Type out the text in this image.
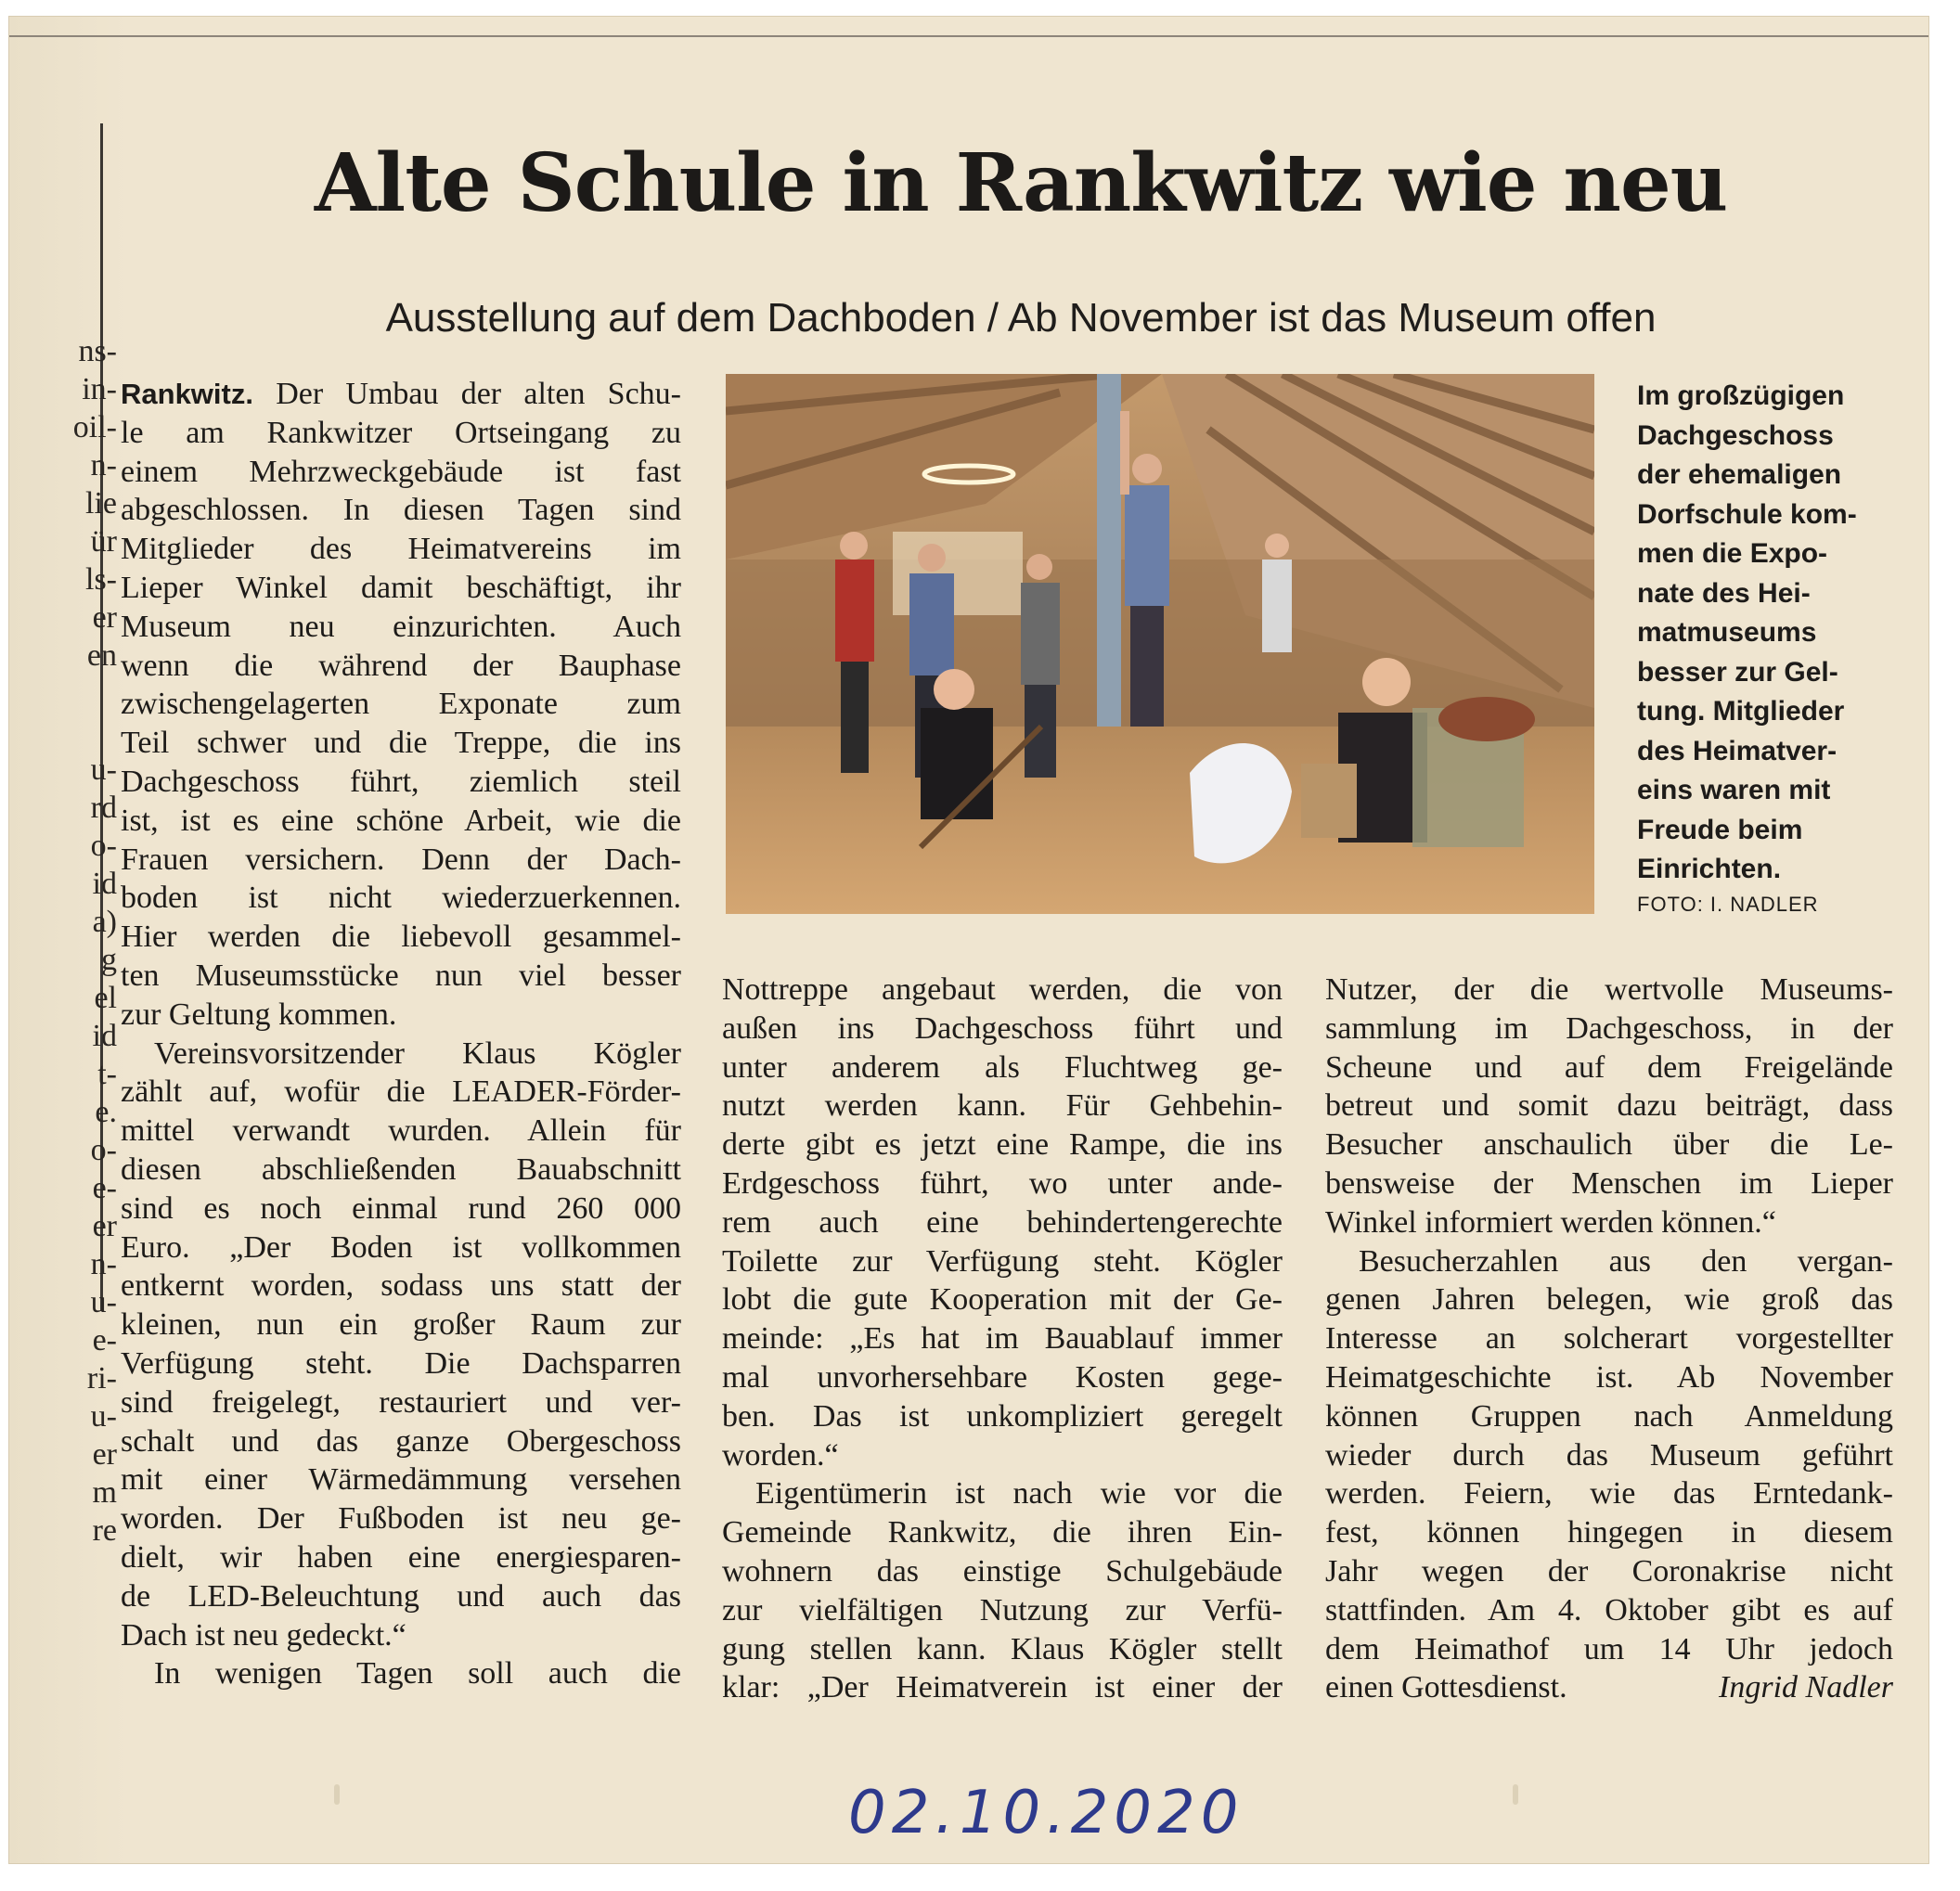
ns-
in-
oil-
n-
lie
ür
ls-
er
en
u-
rd
o-
id
a)
g
el
id
t-
e.
o-
e-
er
n-
u-
e-
ri-
u-
er
m
re
Alte Schule in Rankwitz wie neu
Ausstellung auf dem Dachboden / Ab November ist das Museum offen
Rankwitz. Der Umbau der alten Schu-
le am Rankwitzer Ortseingang zu
einem Mehrzweckgebäude ist fast
abgeschlossen. In diesen Tagen sind
Mitglieder des Heimatvereins im
Lieper Winkel damit beschäftigt, ihr
Museum neu einzurichten. Auch
wenn die während der Bauphase
zwischengelagerten Exponate zum
Teil schwer und die Treppe, die ins
Dachgeschoss führt, ziemlich steil
ist, ist es eine schöne Arbeit, wie die
Frauen versichern. Denn der Dach-
boden ist nicht wiederzuerkennen.
Hier werden die liebevoll gesammel-
ten Museumsstücke nun viel besser
zur Geltung kommen.
Vereinsvorsitzender Klaus Kögler
zählt auf, wofür die LEADER-Förder-
mittel verwandt wurden. Allein für
diesen abschließenden Bauabschnitt
sind es noch einmal rund 260 000
Euro. „Der Boden ist vollkommen
entkernt worden, sodass uns statt der
kleinen, nun ein großer Raum zur
Verfügung steht. Die Dachsparren
sind freigelegt, restauriert und ver-
schalt und das ganze Obergeschoss
mit einer Wärmedämmung versehen
worden. Der Fußboden ist neu ge-
dielt, wir haben eine energiesparen-
de LED-Beleuchtung und auch das
Dach ist neu gedeckt.“
In wenigen Tagen soll auch die
Nottreppe angebaut werden, die von
außen ins Dachgeschoss führt und
unter anderem als Fluchtweg ge-
nutzt werden kann. Für Gehbehin-
derte gibt es jetzt eine Rampe, die ins
Erdgeschoss führt, wo unter ande-
rem auch eine behindertengerechte
Toilette zur Verfügung steht. Kögler
lobt die gute Kooperation mit der Ge-
meinde: „Es hat im Bauablauf immer
mal unvorhersehbare Kosten gege-
ben. Das ist unkompliziert geregelt
worden.“
Eigentümerin ist nach wie vor die
Gemeinde Rankwitz, die ihren Ein-
wohnern das einstige Schulgebäude
zur vielfältigen Nutzung zur Verfü-
gung stellen kann. Klaus Kögler stellt
klar: „Der Heimatverein ist einer der
Nutzer, der die wertvolle Museums-
sammlung im Dachgeschoss, in der
Scheune und auf dem Freigelände
betreut und somit dazu beiträgt, dass
Besucher anschaulich über die Le-
bensweise der Menschen im Lieper
Winkel informiert werden können.“
Besucherzahlen aus den vergan-
genen Jahren belegen, wie groß das
Interesse an solcherart vorgestellter
Heimatgeschichte ist. Ab November
können Gruppen nach Anmeldung
wieder durch das Museum geführt
werden. Feiern, wie das Erntedank-
fest, können hingegen in diesem
Jahr wegen der Coronakrise nicht
stattfinden. Am 4. Oktober gibt es auf
dem Heimathof um 14 Uhr jedoch
einen Gottesdienst.	Ingrid Nadler
Im großzügigen
Dachgeschoss
der ehemaligen
Dorfschule kom-
men die Expo-
nate des Hei-
matmuseums
besser zur Gel-
tung. Mitglieder
des Heimatver-
eins waren mit
Freude beim
Einrichten.
FOTO: I. NADLER
02.10.2020
